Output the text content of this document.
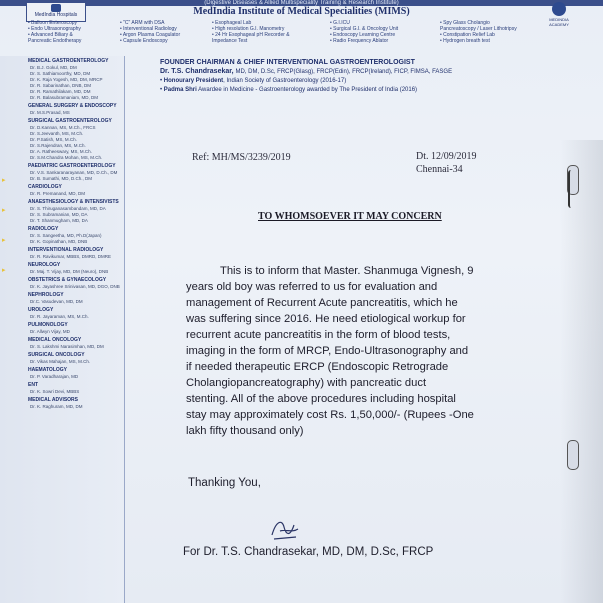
(Digestive Diseases & Allied Multispeciality Training & Research Institute)
MedIndia Institute of Medical Specialities (MIMS)
MedIndia Hospitals
MEDINDIA ACADEMY
• Balloon Enteroscopy
• Endo Ultrasonography
• Advanced Biliary &
Pancreatic Endotherapy
• "C" ARM with DSA
• Interventional Radiology
• Argon Plasma Coagulator
• Capsule Endoscopy
• Esophageal Lab
• High resolution G.I. Manometry
• 24 Hr Esophageal pH Recorder &
Impedance Test
• G.I.ICU
• Surgical G.I. & Oncology Unit
• Endoscopy Learning Centre
• Radio Frequency Ablator
• Spy Glass Cholangio
Pancreatoscopy / Laser Lithotripsy
• Constipation Relief Lab
• Hydrogen breath test
MEDICAL GASTROENTEROLOGY
Dr. B.J. Gokul, MD, DM
Dr. S. Sathiamoorthy, MD, DM
Dr. K. Raja Yogesh, MD, DM, MRCP
Dr. R. Sabarinathan, DNB, DM
Dr. R. Ramathilakam, MD, DM
Dr. R. Balasubramaniam, MD, DM
GENERAL SURGERY & ENDOSCOPY
Dr. M.S.Prasad, MS
SURGICAL GASTROENTEROLOGY
Dr. D.Kannan, MS, M.Ch., FRCS
Dr. S.Jeevanth, MS, M.Ch.
Dr. P.Satish, MS, M.Ch.
Dr. S.Rajendran, MS, M.Ch.
Dr. A. Ratheeswary, MS, M.Ch.
Dr. S.M.Chandra Mohan, MS, M.Ch.
PAEDIATRIC GASTROENTEROLOGY
Dr. V.S. Sankaranarayanan, MD, D.Ch., DM
Dr. B. Sumathi, MD, D.Ch., DM
CARDIOLOGY
Dr. R. Premanand, MD, DM
ANAESTHESIOLOGY & INTENSIVISTS
Dr. S. Thiruganasambandam, MD, DA
Dr. S. Subramanian, MD, DA
Dr. T. Shanmugham, MD, DA
RADIOLOGY
Dr. S. Sangeetha, MD, Ph.D(Japan)
Dr. K. Gopinathan, MD, DNB
INTERVENTIONAL RADIOLOGY
Dr. R. Ravikumar, MBBS, DMRD, DMRE
NEUROLOGY
Dr. Maj. T. Vijay, MD, DM (Neuro), DNB
OBSTETRICS & GYNAECOLOGY
Dr. K. Jayashree Srinivasan, MD, DGO, DNB
NEPHROLOGY
Dr.C. Vasudevan, MD, DM
UROLOGY
Dr. R. Jayaraman, MS, M.Ch.
PULMONOLOGY
Dr. Allwyn Vijay, MD
MEDICAL ONCOLOGY
Dr. S. Lakshmi Narasimhan, MD, DM
SURGICAL ONCOLOGY
Dr. Vikas Mahajan, MS, M.Ch.
HAEMATOLOGY
Dr. P. Varadharajan, MD
ENT
Dr. K. Sowri Devi, MBBS
MEDICAL ADVISORS
Dr. K. Raghuram, MD, DM
▸
▸
▸
▸
FOUNDER CHAIRMAN & CHIEF INTERVENTIONAL GASTROENTEROLOGIST
Dr. T.S. Chandrasekar, MD, DM, D.Sc, FRCP(Glasg), FRCP(Edin), FRCP(Ireland), FICP, FIMSA, FASGE
• Honourary President, Indian Society of Gastroenterology (2016-17)
• Padma Shri Awardee in Medicine - Gastroenterology awarded by The President of India (2016)
Ref: MH/MS/3239/2019	Dt. 12/09/2019
Chennai-34
TO WHOMSOEVER IT MAY CONCERN
This is to inform that Master. Shanmuga Vignesh, 9
years old boy was referred to us for evaluation and
management of Recurrent Acute pancreatitis, which he
was suffering since 2016. He need etiological workup for
recurrent acute pancreatitis in the form of blood tests,
imaging in the form of MRCP, Endo-Ultrasonography and
if needed therapeutic ERCP (Endoscopic Retrograde
Cholangiopancreatography) with pancreatic duct
stenting. All of the above procedures including hospital
stay may approximately cost Rs. 1,50,000/- (Rupees -One
lakh fifty thousand only)
Thanking You,
For Dr. T.S. Chandrasekar, MD, DM, D.Sc, FRCP
